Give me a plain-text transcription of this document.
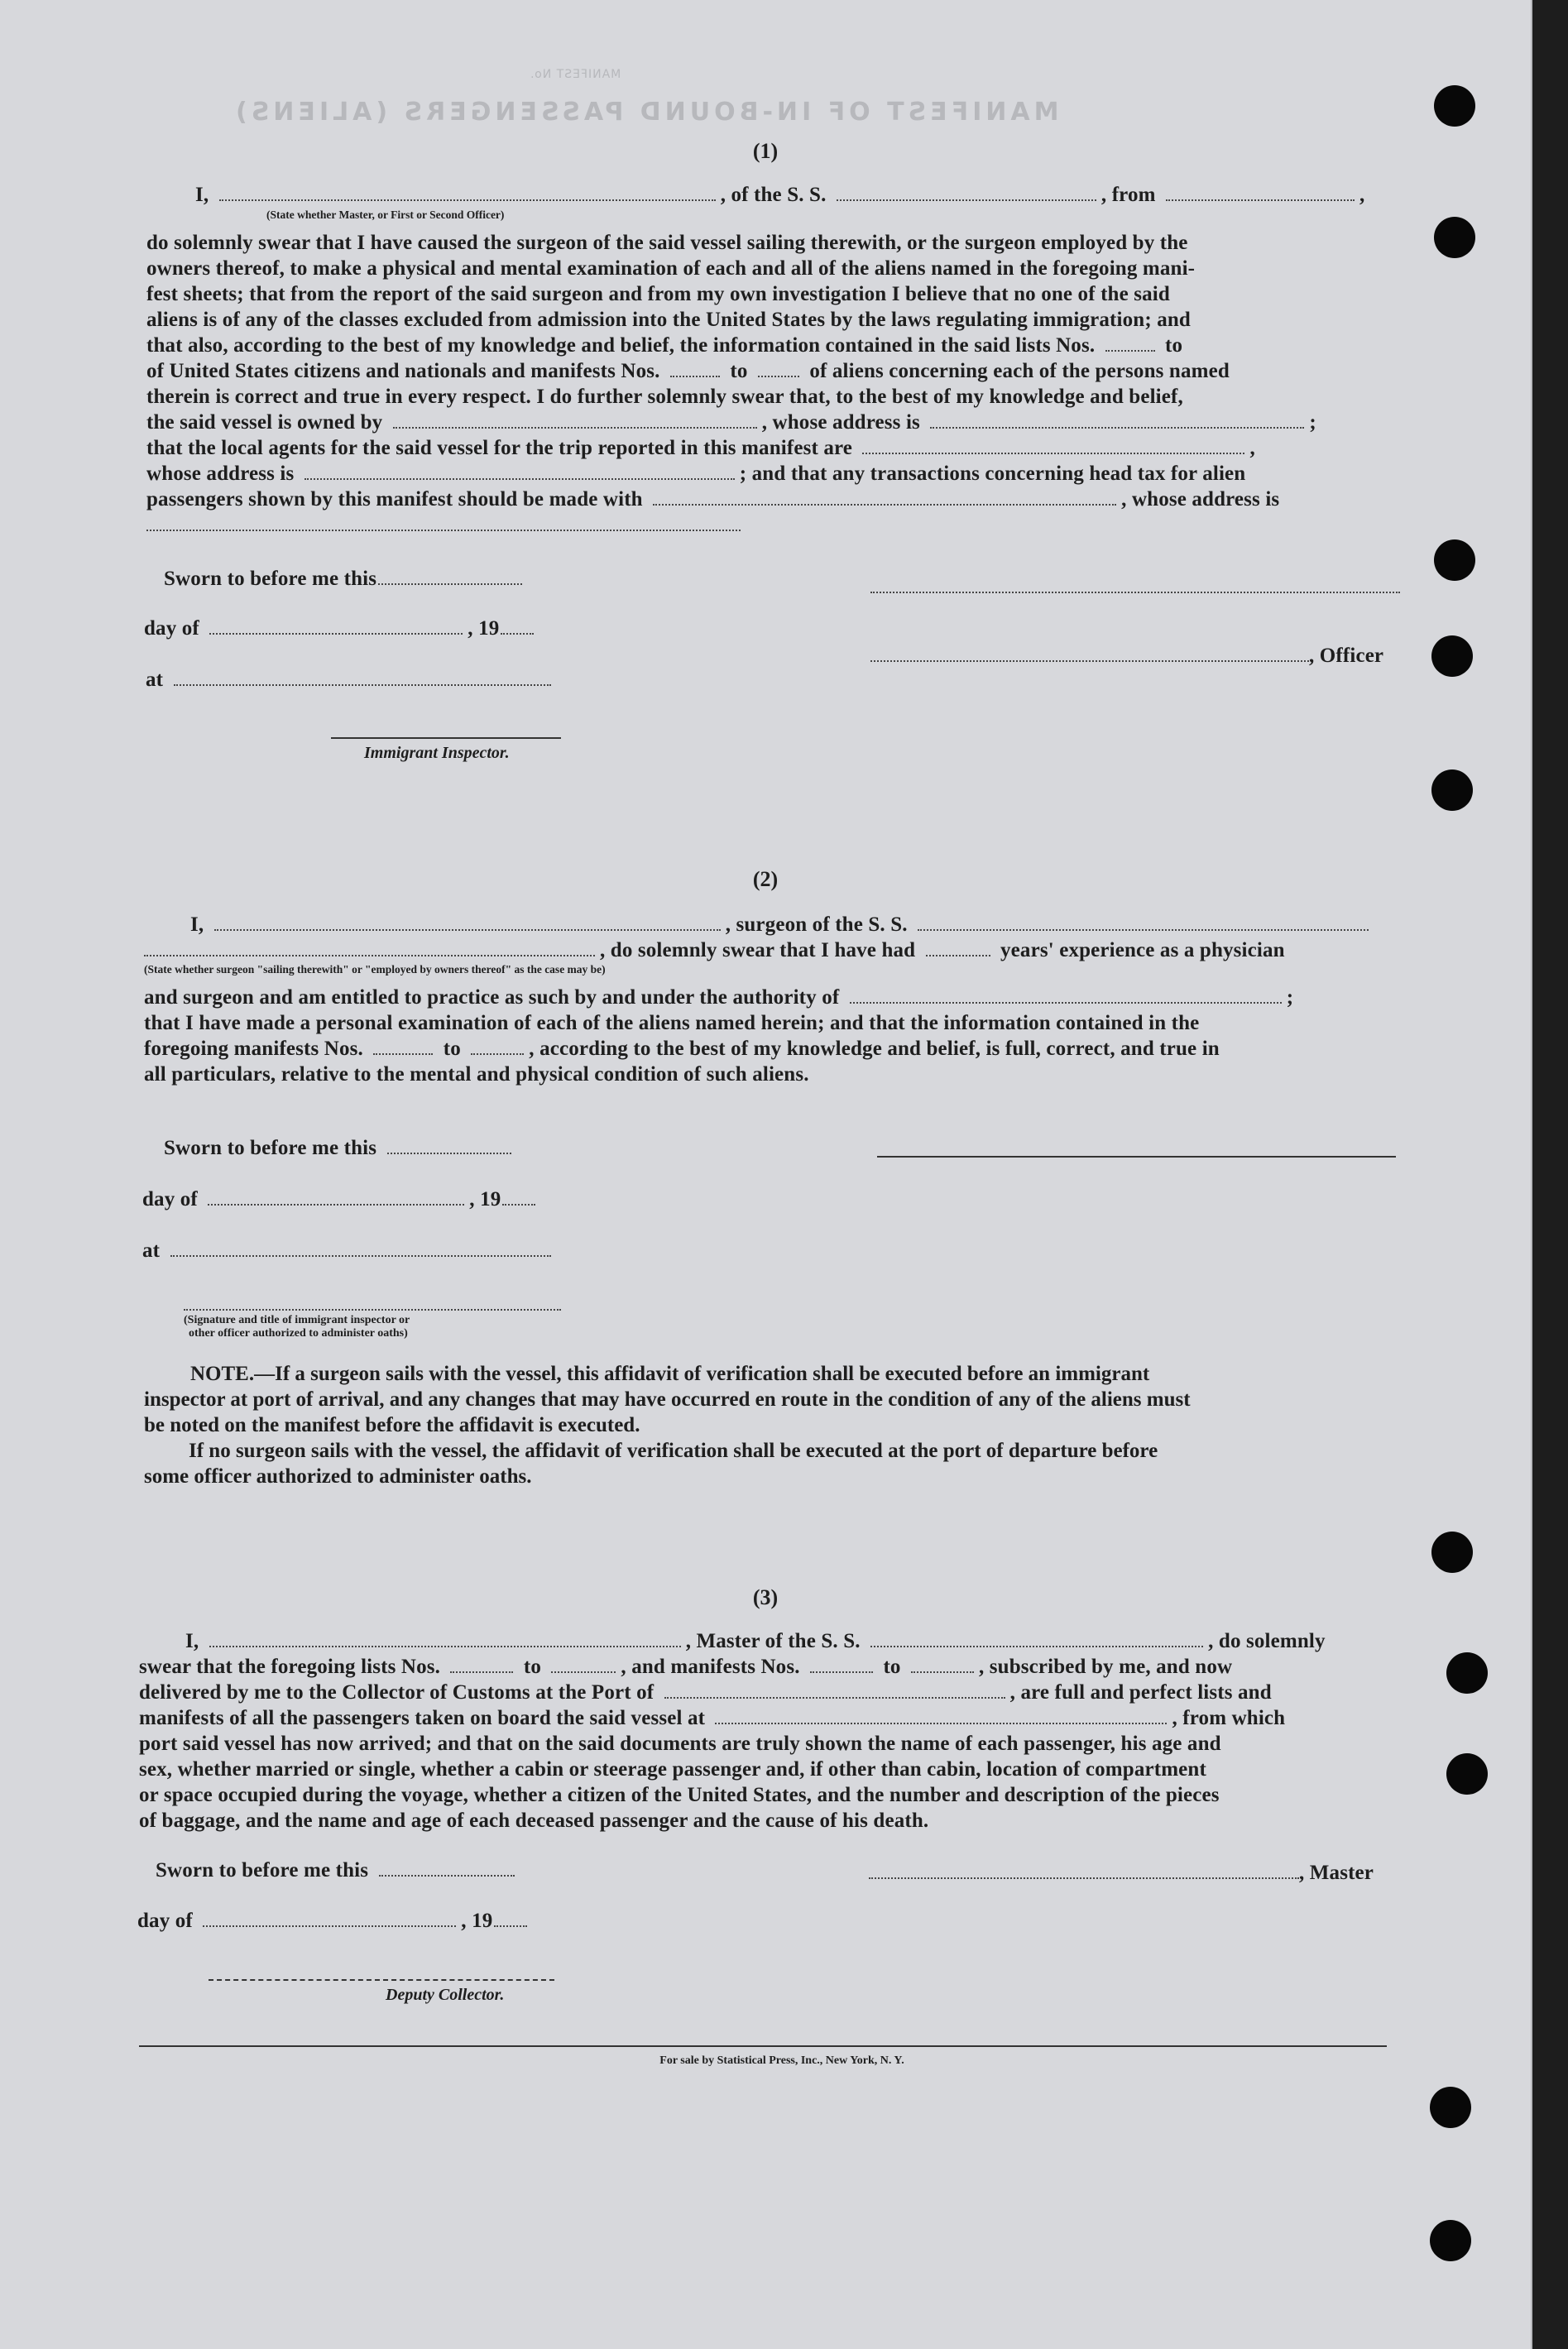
MANIFEST OF IN-BOUND PASSENGERS (ALIENS)
MANIFEST No.
(1)
I,	, of the S. S.	, from	,
(State whether Master, or First or Second Officer)
do solemnly swear that I have caused the surgeon of the said vessel sailing therewith, or the surgeon employed by the
owners thereof, to make a physical and mental examination of each and all of the aliens named in the foregoing mani-
fest sheets; that from the report of the said surgeon and from my own investigation I believe that no one of the said
aliens is of any of the classes excluded from admission into the United States by the laws regulating immigration; and
that also, according to the best of my knowledge and belief, the information contained in the said lists Nos.	to
of United States citizens and nationals and manifests Nos.	to	of aliens concerning each of the persons named
therein is correct and true in every respect. I do further solemnly swear that, to the best of my knowledge and belief,
the said vessel is owned by	, whose address is	;
that the local agents for the said vessel for the trip reported in this manifest are	,
whose address is	; and that any transactions concerning head tax for alien
passengers shown by this manifest should be made with	, whose address is
Sworn to before me this
day of	, 19
at
Immigrant Inspector.
, Officer
(2)
I,	, surgeon of the S. S.
, do solemnly swear that I have had	years' experience as a physician
(State whether surgeon "sailing therewith" or "employed by owners thereof" as the case may be)
and surgeon and am entitled to practice as such by and under the authority of	;
that I have made a personal examination of each of the aliens named herein; and that the information contained in the
foregoing manifests Nos.	to	, according to the best of my knowledge and belief, is full, correct, and true in
all particulars, relative to the mental and physical condition of such aliens.
Sworn to before me this
day of	, 19
at
(Signature and title of immigrant inspector or
other officer authorized to administer oaths)
NOTE.—If a surgeon sails with the vessel, this affidavit of verification shall be executed before an immigrant
inspector at port of arrival, and any changes that may have occurred en route in the condition of any of the aliens must
be noted on the manifest before the affidavit is executed.
If no surgeon sails with the vessel, the affidavit of verification shall be executed at the port of departure before
some officer authorized to administer oaths.
(3)
I,	, Master of the S. S.	, do solemnly
swear that the foregoing lists Nos.	to	, and manifests Nos.	to	, subscribed by me, and now
delivered by me to the Collector of Customs at the Port of	, are full and perfect lists and
manifests of all the passengers taken on board the said vessel at	, from which
port said vessel has now arrived; and that on the said documents are truly shown the name of each passenger, his age and
sex, whether married or single, whether a cabin or steerage passenger and, if other than cabin, location of compartment
or space occupied during the voyage, whether a citizen of the United States, and the number and description of the pieces
of baggage, and the name and age of each deceased passenger and the cause of his death.
Sworn to before me this
day of	, 19
Deputy Collector.
, Master
For sale by Statistical Press, Inc., New York, N. Y.
